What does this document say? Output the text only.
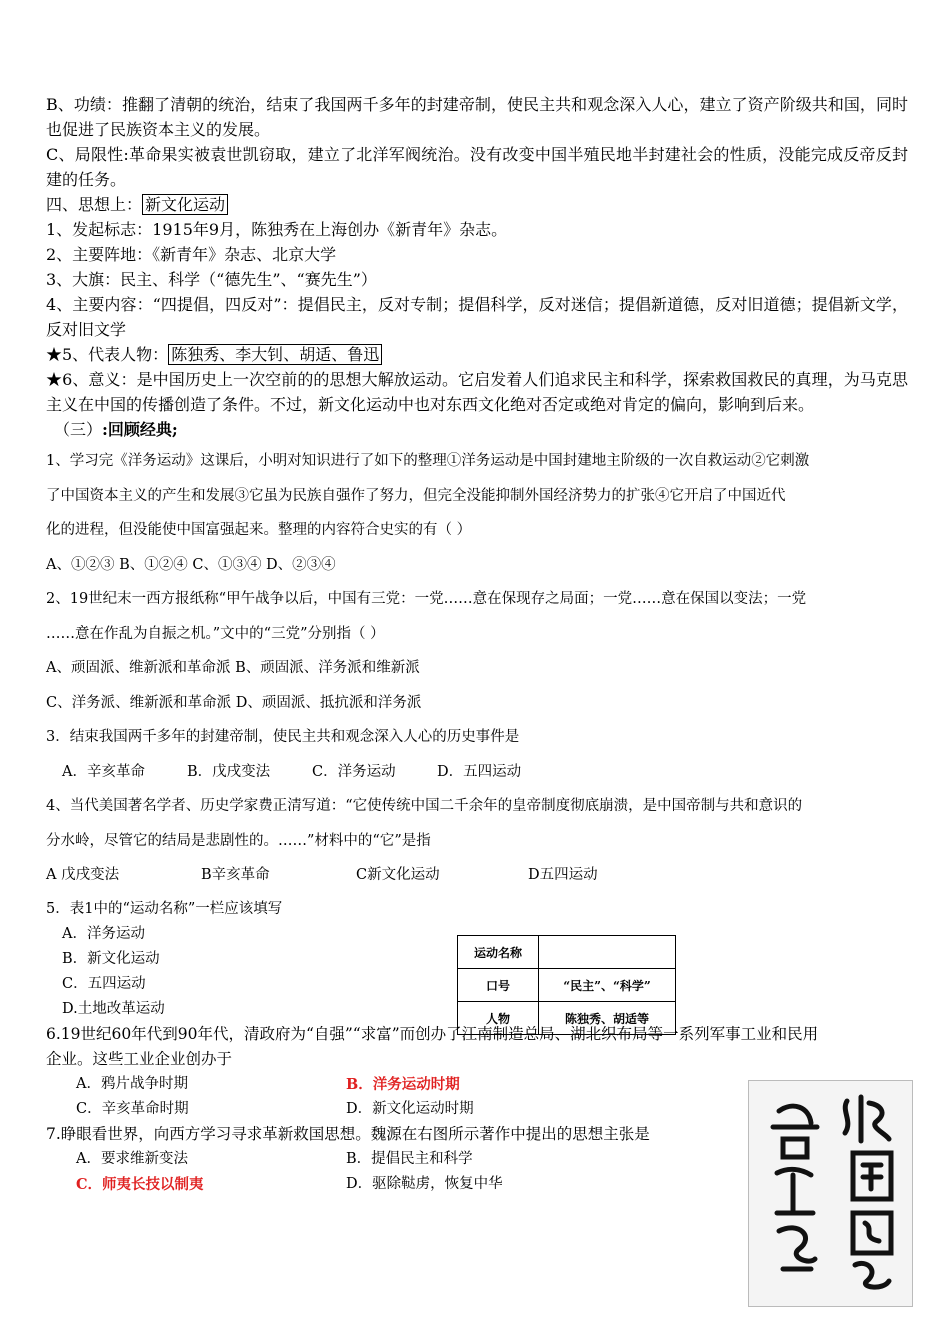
B、功绩：推翻了清朝的统治，结束了我国两千多年的封建帝制，使民主共和观念深入人心，建立了资产阶级共和国，同时也促进了民族资本主义的发展。
C、局限性:革命果实被袁世凯窃取，建立了北洋军阀统治。没有改变中国半殖民地半封建社会的性质，没能完成反帝反封建的任务。
四、思想上： 新文化运动
1、发起标志：1915年9月，陈独秀在上海创办《新青年》杂志。
2、主要阵地：《新青年》杂志、北京大学
3、大旗：民主、科学（“德先生”、“赛先生”）
4、主要内容：“四提倡，四反对”：提倡民主，反对专制；提倡科学，反对迷信；提倡新道德，反对旧道德；提倡新文学，反对旧文学
★5、代表人物： 陈独秀、李大钊、胡适、鲁迅
★6、意义：是中国历史上一次空前的的思想大解放运动。它启发着人们追求民主和科学，探索救国救民的真理，为马克思主义在中国的传播创造了条件。不过，新文化运动中也对东西文化绝对否定或绝对肯定的偏向，影响到后来。
（三）:回顾经典;
1、学习完《洋务运动》这课后，小明对知识进行了如下的整理①洋务运动是中国封建地主阶级的一次自救运动②它刺激
了中国资本主义的产生和发展③它虽为民族自强作了努力，但完全没能抑制外国经济势力的扩张④它开启了中国近代
化的进程，但没能使中国富强起来。整理的内容符合史实的有（ ）
A、①②③ B、①②④ C、①③④ D、②③④
2、19世纪末一西方报纸称“甲午战争以后，中国有三党：一党……意在保现存之局面；一党……意在保国以变法；一党
……意在作乱为自振之机。”文中的“三党”分别指（ ）
A、顽固派、维新派和革命派 B、顽固派、洋务派和维新派
C、洋务派、维新派和革命派 D、顽固派、抵抗派和洋务派
3．结束我国两千多年的封建帝制，使民主共和观念深入人心的历史事件是
A．辛亥革命	B．戊戌变法	C．洋务运动	D．五四运动
4、当代美国著名学者、历史学家费正清写道：“它使传统中国二千余年的皇帝制度彻底崩溃，是中国帝制与共和意识的
分水岭，尽管它的结局是悲剧性的。……”材料中的“它”是指
A 戊戌变法	B辛亥革命	C新文化运动	D五四运动
5．表1中的“运动名称”一栏应该填写
A．洋务运动
B．新文化运动
C．五四运动
D.土地改革运动
6.19世纪60年代到90年代，清政府为“自强”“求富”而创办了江南制造总局、湖北织布局等一系列军事工业和民用
企业。这些工业企业创办于
A．鸦片战争时期	B．洋务运动时期
C．辛亥革命时期	D．新文化运动时期
7.睁眼看世界，向西方学习寻求革新救国思想。魏源在右图所示著作中提出的思想主张是
A．要求维新变法	B．提倡民主和科学
C．师夷长技以制夷	D．驱除鞑虏，恢复中华
运动名称	
口号	“民主”、“科学”
人物	陈独秀、胡适等
